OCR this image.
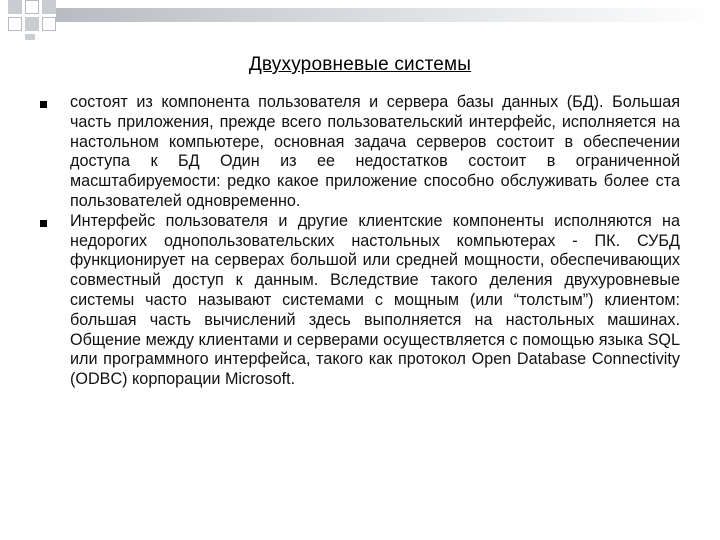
Двухуровневые системы
состоят из компонента пользователя и сервера базы данных (БД). Большая часть приложения, прежде всего пользовательский интерфейс, исполняется на настольном компьютере, основная задача серверов состоит в обеспечении доступа к БД Один из ее недостатков состоит в ограниченной масштабируемости: редко какое приложение способно обслуживать более ста пользователей одновременно.
Интерфейс пользователя и другие клиентские компоненты исполняются на недорогих однопользовательских настольных компьютерах - ПК. СУБД функционирует на серверах большой или средней мощности, обеспечивающих совместный доступ к данным. Вследствие такого деления двухуровневые системы часто называют системами с мощным (или “толстым”) клиентом: большая часть вычислений здесь выполняется на настольных машинах. Общение между клиентами и серверами осуществляется с помощью языка SQL или программного интерфейса, такого как протокол Open Database Connectivity (ODBC) корпорации Microsoft.
